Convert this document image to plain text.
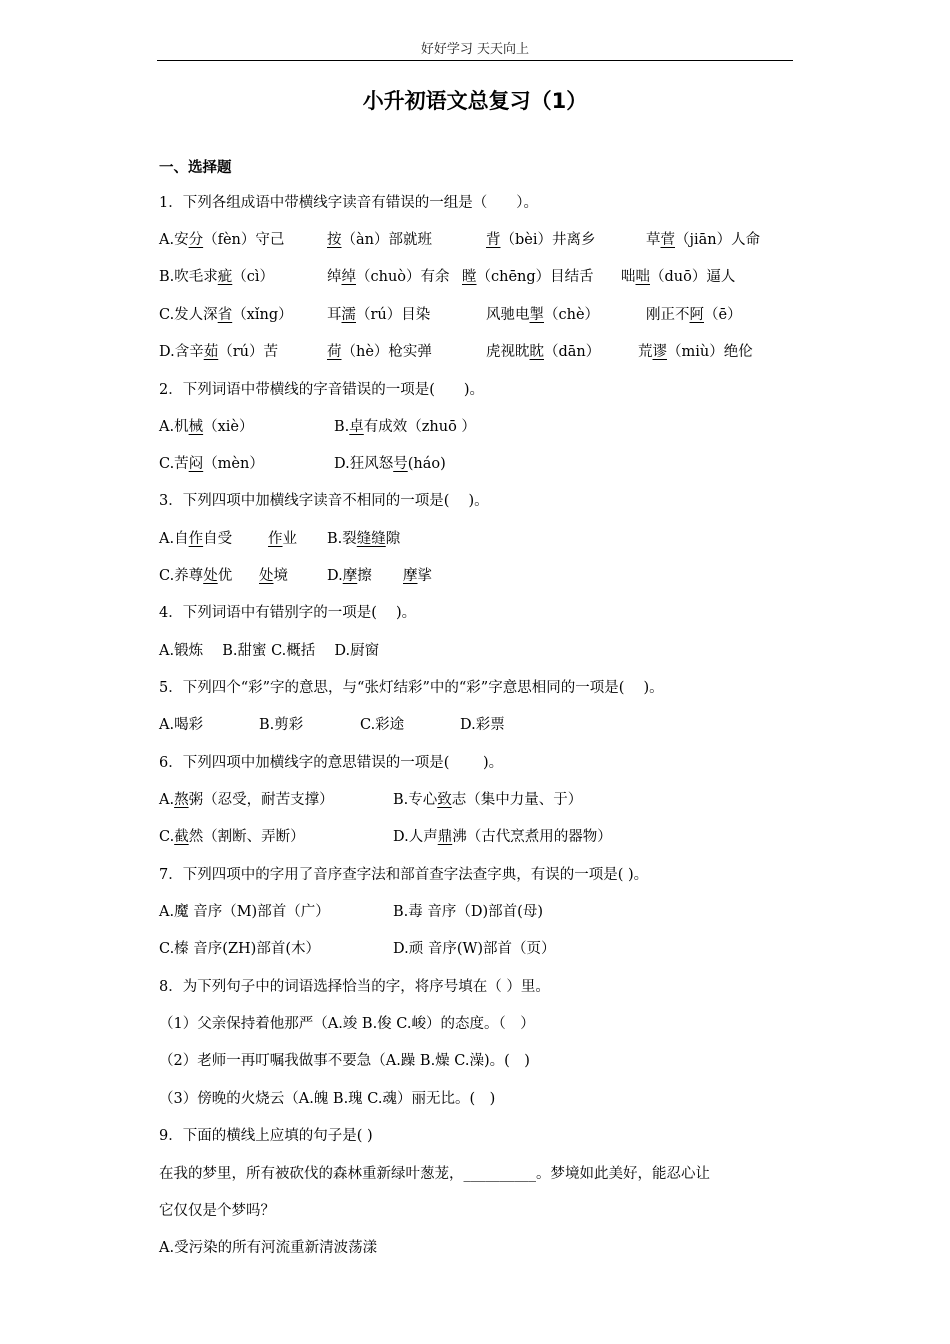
好好学习 天天向上
小升初语文总复习（1）
一、选择题
1．下列各组成语中带横线字读音有错误的一组是（　　）。
A.安分（fèn）守己	按（àn）部就班	背（bèi）井离乡	草菅（jiān）人命
B.吹毛求疵（cì）	绰绰（chuò）有余 瞠（chēng）目结舌 咄咄（duō）逼人
C.发人深省（xǐng） 耳濡（rú）目染	风驰电掣（chè）	刚正不阿（ē）
D.含辛茹（rú）苦	荷（hè）枪实弹	虎视眈眈（dān）	荒谬（miù）绝伦
2．下列词语中带横线的字音错误的一项是(　　)。
A.机械（xiè）	B.卓有成效（zhuō ）
C.苦闷（mèn）	D.狂风怒号(háo)
3．下列四项中加横线字读音不相同的一项是(　 )。
A.自作自受 作业 B.裂缝缝隙
C.养尊处优 处境	D.摩擦 摩挲
4．下列词语中有错别字的一项是(　 )。
A.锻炼　 B.甜蜜 C.概括　 D.厨窗
5．下列四个“彩”字的意思，与“张灯结彩”中的“彩”字意思相同的一项是(　 )。
A.喝彩	B.剪彩	C.彩途	D.彩票
6．下列四项中加横线字的意思错误的一项是(　　 )。
A.熬粥（忍受，耐苦支撑）	B.专心致志（集中力量、于）
C.截然（割断、弄断）	D.人声鼎沸（古代烹煮用的器物）
7．下列四项中的字用了音序查字法和部首查字法查字典，有误的一项是( )。
A.魔 音序（M)部首（广）	B.毒 音序（D)部首(母)
C.榛 音序(ZH)部首(木）	D.顽 音序(W)部首（页）
8．为下列句子中的词语选择恰当的字，将序号填在（ ）里。
（1）父亲保持着他那严（A.竣 B.俊 C.峻）的态度。（　）
（2）老师一再叮嘱我做事不要急（A.躁 B.燥 C.澡)。(　)
（3）傍晚的火烧云（A.魄 B.瑰 C.魂）丽无比。(　)
9．下面的横线上应填的句子是( )
在我的梦里，所有被砍伐的森林重新绿叶葱茏，__________。梦境如此美好，能忍心让
它仅仅是个梦吗？
A.受污染的所有河流重新清波荡漾
